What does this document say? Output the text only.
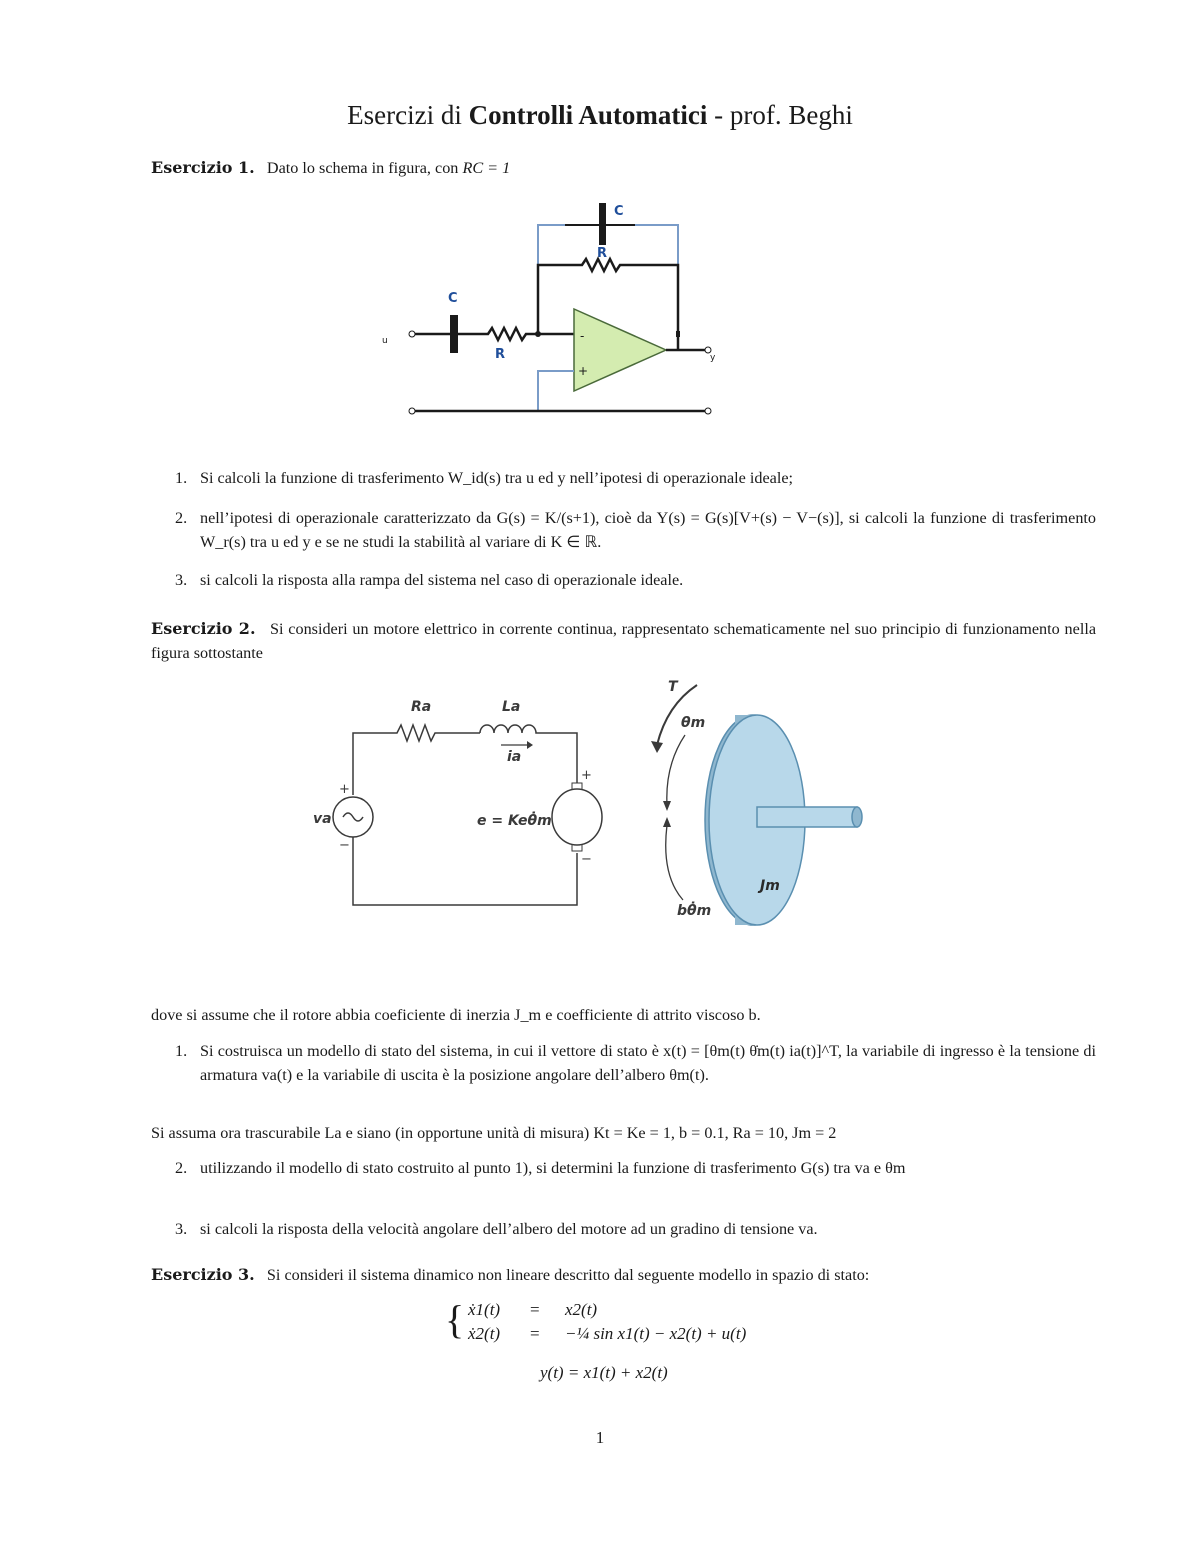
Esercizi di Controlli Automatici - prof. Beghi
Esercizio 1. Dato lo schema in figura, con RC = 1
C
R
C
R
u	-
+
y
1. Si calcoli la funzione di trasferimento W_id(s) tra u ed y nell’ipotesi di operazionale ideale;
2. nell’ipotesi di operazionale caratterizzato da G(s) = K/(s+1), cioè da Y(s) = G(s)[V+(s) − V−(s)], si calcoli la funzione di trasferimento W_r(s) tra u ed y e se ne studi la stabilità al variare di K ∈ ℝ.
3. si calcoli la risposta alla rampa del sistema nel caso di operazionale ideale.
Esercizio 2. Si consideri un motore elettrico in corrente continua, rappresentato schematicamente nel suo principio di funzionamento nella figura sottostante
Ra	La
ia
va
+
−
+
−
e = Keθ̇m
T
θm
bθ̇m
Jm
dove si assume che il rotore abbia coeficiente di inerzia J_m e coefficiente di attrito viscoso b.
1. Si costruisca un modello di stato del sistema, in cui il vettore di stato è x(t) = [θm(t) θ̇m(t) ia(t)]^T, la variabile di ingresso è la tensione di armatura va(t) e la variabile di uscita è la posizione angolare dell’albero θm(t).
Si assuma ora trascurabile La e siano (in opportune unità di misura) Kt = Ke = 1, b = 0.1, Ra = 10, Jm = 2
2. utilizzando il modello di stato costruito al punto 1), si determini la funzione di trasferimento G(s) tra va e θm
3. si calcoli la risposta della velocità angolare dell’albero del motore ad un gradino di tensione va.
Esercizio 3. Si consideri il sistema dinamico non lineare descritto dal seguente modello in spazio di stato:
{ ẋ1(t) = x2(t)
ẋ2(t) = −¼ sin x1(t) − x2(t) + u(t)
y(t) = x1(t) + x2(t)
1
